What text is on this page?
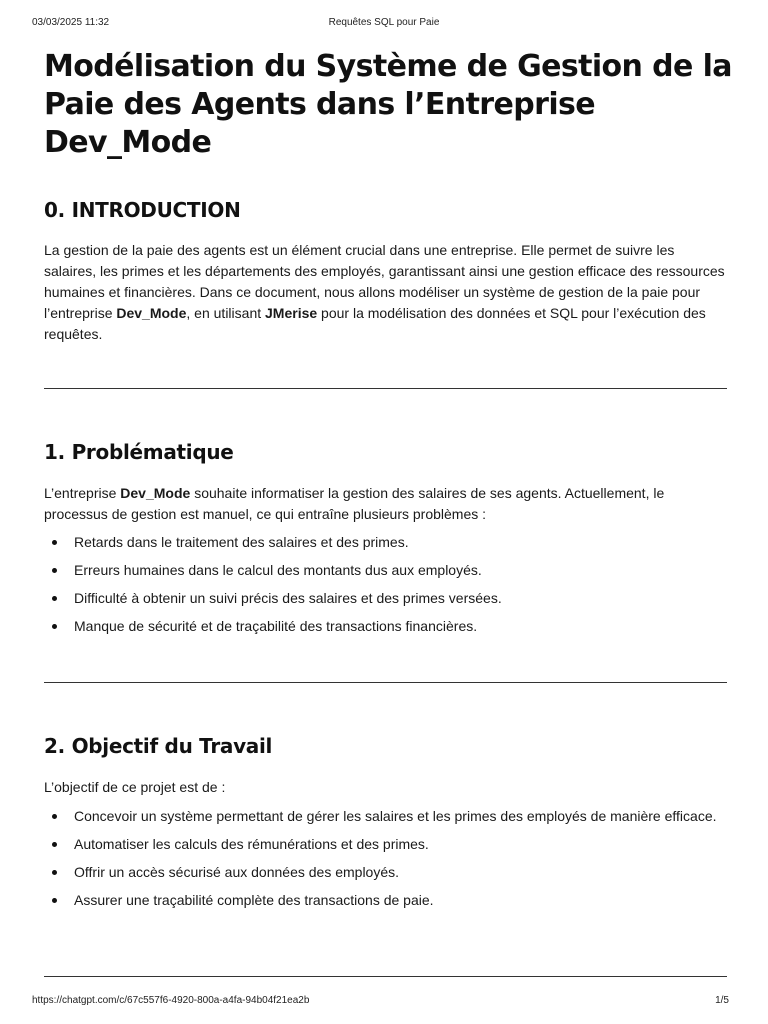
03/03/2025 11:32	Requêtes SQL pour Paie
Modélisation du Système de Gestion de la Paie des Agents dans l’Entreprise Dev_Mode
0. INTRODUCTION

La gestion de la paie des agents est un élément crucial dans une entreprise. Elle permet de suivre les salaires, les primes et les départements des employés, garantissant ainsi une gestion efficace des ressources humaines et financières. Dans ce document, nous allons modéliser un système de gestion de la paie pour l’entreprise Dev_Mode, en utilisant JMerise pour la modélisation des données et SQL pour l’exécution des requêtes.

1. Problématique

L’entreprise Dev_Mode souhaite informatiser la gestion des salaires de ses agents. Actuellement, le processus de gestion est manuel, ce qui entraîne plusieurs problèmes :

Retards dans le traitement des salaires et des primes.
Erreurs humaines dans le calcul des montants dus aux employés.
Difficulté à obtenir un suivi précis des salaires et des primes versées.
Manque de sécurité et de traçabilité des transactions financières.
2. Objectif du Travail

L’objectif de ce projet est de :

Concevoir un système permettant de gérer les salaires et les primes des employés de manière efficace.
Automatiser les calculs des rémunérations et des primes.
Offrir un accès sécurisé aux données des employés.
Assurer une traçabilité complète des transactions de paie.
https://chatgpt.com/c/67c557f6-4920-800a-a4fa-94b04f21ea2b	1/5
